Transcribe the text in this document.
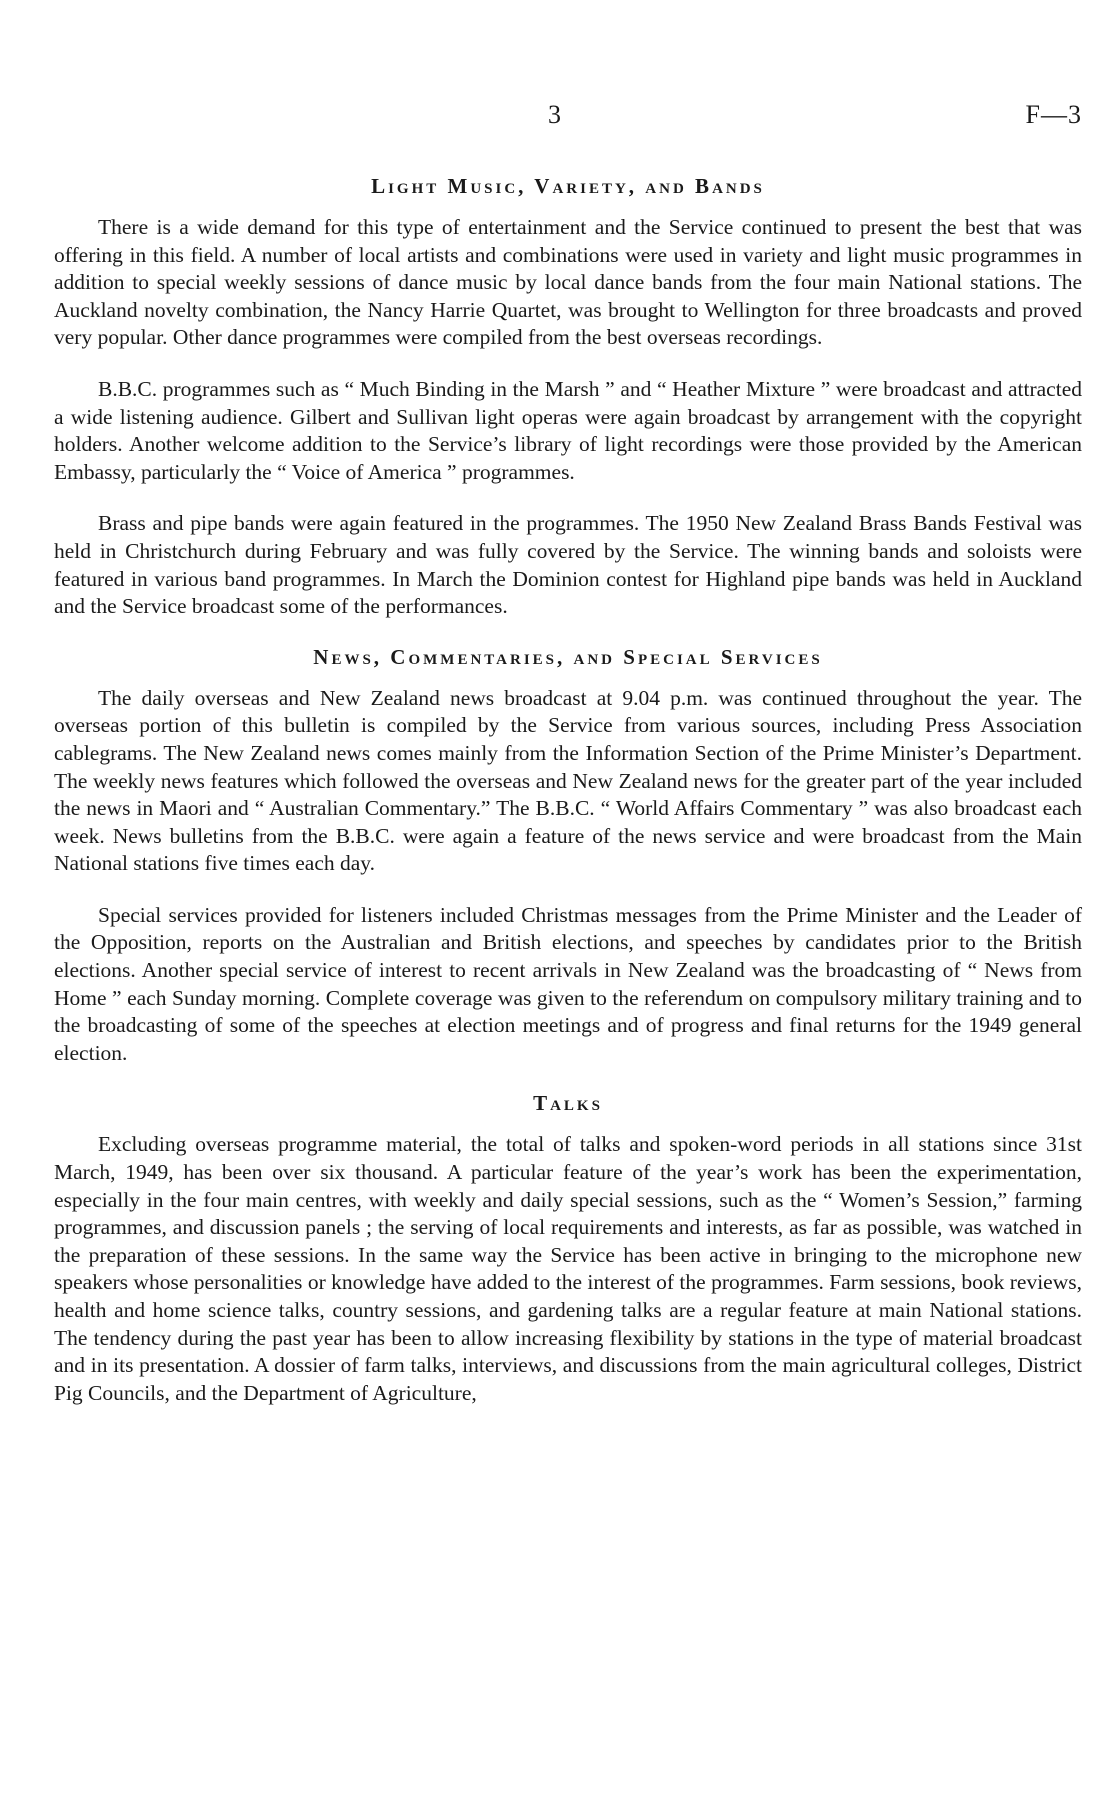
3	F—3
Light Music, Variety, and Bands

There is a wide demand for this type of entertainment and the Service continued to present the best that was offering in this field. A number of local artists and combinations were used in variety and light music programmes in addition to special weekly sessions of dance music by local dance bands from the four main National stations. The Auckland novelty combination, the Nancy Harrie Quartet, was brought to Wellington for three broadcasts and proved very popular. Other dance programmes were compiled from the best overseas recordings.

B.B.C. programmes such as “ Much Binding in the Marsh ” and “ Heather Mixture ” were broadcast and attracted a wide listening audience. Gilbert and Sullivan light operas were again broadcast by arrangement with the copyright holders. Another welcome addition to the Service’s library of light recordings were those provided by the American Embassy, particularly the “ Voice of America ” programmes.

Brass and pipe bands were again featured in the programmes. The 1950 New Zealand Brass Bands Festival was held in Christchurch during February and was fully covered by the Service. The winning bands and soloists were featured in various band programmes. In March the Dominion contest for Highland pipe bands was held in Auckland and the Service broadcast some of the performances.

News, Commentaries, and Special Services

The daily overseas and New Zealand news broadcast at 9.04 p.m. was continued throughout the year. The overseas portion of this bulletin is compiled by the Service from various sources, including Press Association cablegrams. The New Zealand news comes mainly from the Information Section of the Prime Minister’s Department. The weekly news features which followed the overseas and New Zealand news for the greater part of the year included the news in Maori and “ Australian Commentary.” The B.B.C. “ World Affairs Commentary ” was also broadcast each week. News bulletins from the B.B.C. were again a feature of the news service and were broadcast from the Main National stations five times each day.

Special services provided for listeners included Christmas messages from the Prime Minister and the Leader of the Opposition, reports on the Australian and British elections, and speeches by candidates prior to the British elections. Another special service of interest to recent arrivals in New Zealand was the broadcasting of “ News from Home ” each Sunday morning. Complete coverage was given to the referendum on compulsory military training and to the broadcasting of some of the speeches at election meetings and of progress and final returns for the 1949 general election.

Talks

Excluding overseas programme material, the total of talks and spoken-word periods in all stations since 31st March, 1949, has been over six thousand. A particular feature of the year’s work has been the experimentation, especially in the four main centres, with weekly and daily special sessions, such as the “ Women’s Session,” farming programmes, and discussion panels ; the serving of local requirements and interests, as far as possible, was watched in the preparation of these sessions. In the same way the Service has been active in bringing to the microphone new speakers whose personalities or knowledge have added to the interest of the programmes. Farm sessions, book reviews, health and home science talks, country sessions, and gardening talks are a regular feature at main National stations. The tendency during the past year has been to allow increasing flexibility by stations in the type of material broadcast and in its presentation. A dossier of farm talks, interviews, and discussions from the main agricultural colleges, District Pig Councils, and the Department of Agriculture,
